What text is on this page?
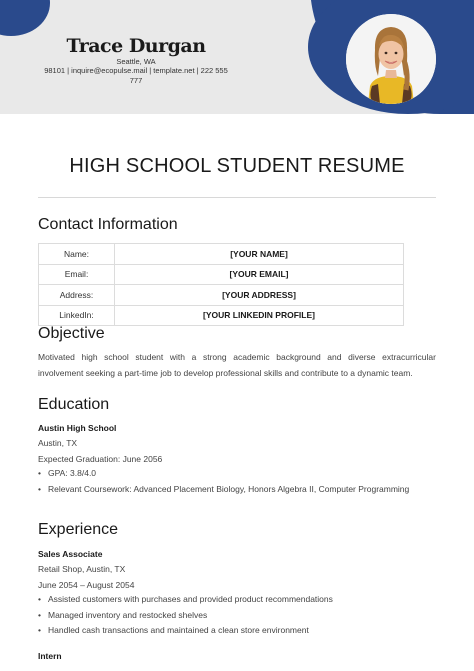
Trace Durgan
Seattle, WA
98101 | inquire@ecopulse.mail | template.net | 222 555 777
HIGH SCHOOL STUDENT RESUME
Contact Information
Name:	[YOUR NAME]
Email:	[YOUR EMAIL]
Address:	[YOUR ADDRESS]
LinkedIn:	[YOUR LINKEDIN PROFILE]
Objective
Motivated high school student with a strong academic background and diverse extracurricular involvement seeking a part-time job to develop professional skills and contribute to a dynamic team.
Education
Austin High School
Austin, TX
Expected Graduation: June 2056
• GPA: 3.8/4.0
• Relevant Coursework: Advanced Placement Biology, Honors Algebra II, Computer Programming
Experience
Sales Associate
Retail Shop, Austin, TX
June 2054 – August 2054
• Assisted customers with purchases and provided product recommendations
• Managed inventory and restocked shelves
• Handled cash transactions and maintained a clean store environment
Intern
